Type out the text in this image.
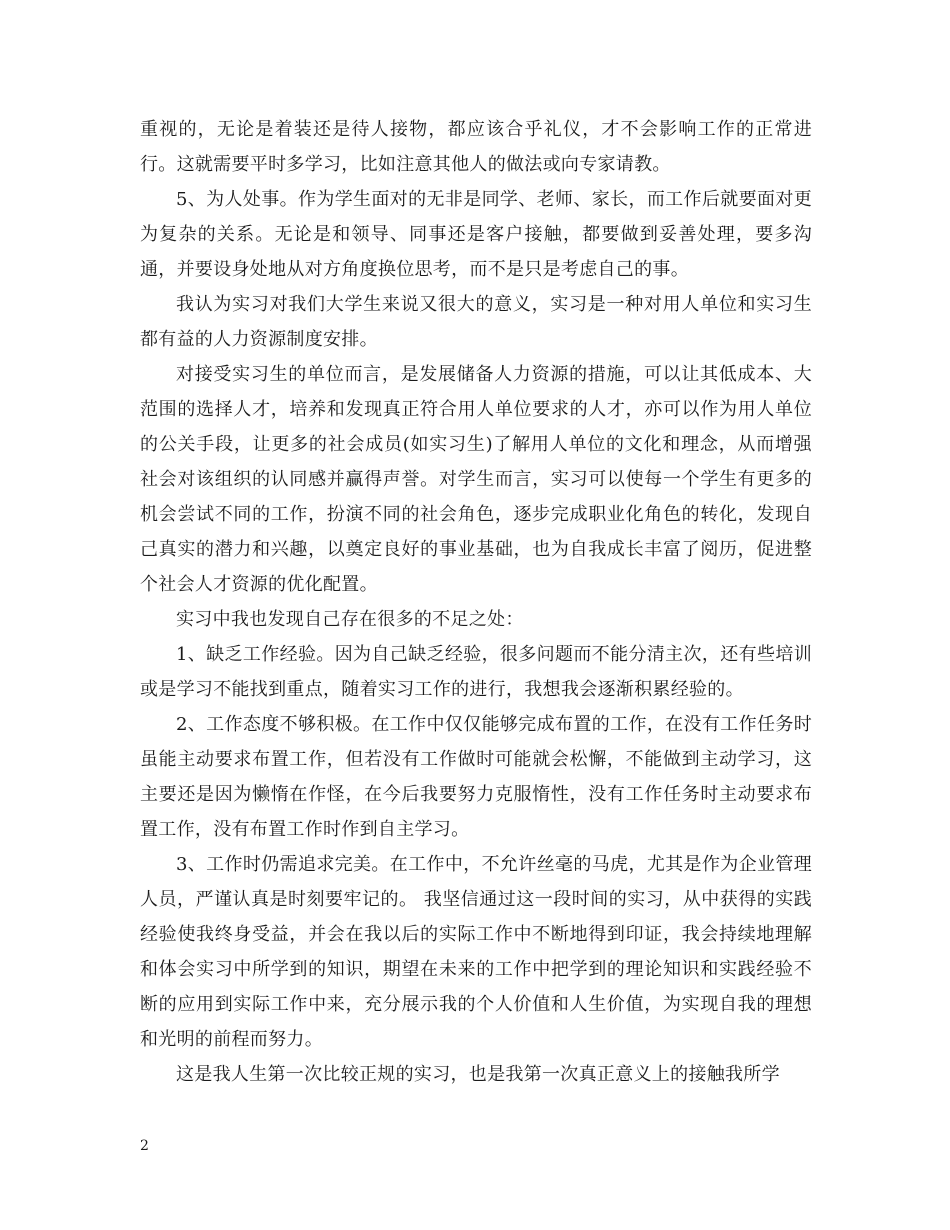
重视的，无论是着装还是待人接物，都应该合乎礼仪，才不会影响工作的正常进行。这就需要平时多学习，比如注意其他人的做法或向专家请教。

5、为人处事。作为学生面对的无非是同学、老师、家长，而工作后就要面对更为复杂的关系。无论是和领导、同事还是客户接触，都要做到妥善处理，要多沟通，并要设身处地从对方角度换位思考，而不是只是考虑自己的事。

我认为实习对我们大学生来说又很大的意义，实习是一种对用人单位和实习生都有益的人力资源制度安排。

对接受实习生的单位而言，是发展储备人力资源的措施，可以让其低成本、大范围的选择人才，培养和发现真正符合用人单位要求的人才，亦可以作为用人单位的公关手段，让更多的社会成员(如实习生)了解用人单位的文化和理念，从而增强社会对该组织的认同感并赢得声誉。对学生而言，实习可以使每一个学生有更多的机会尝试不同的工作，扮演不同的社会角色，逐步完成职业化角色的转化，发现自己真实的潜力和兴趣，以奠定良好的事业基础，也为自我成长丰富了阅历，促进整个社会人才资源的优化配置。

实习中我也发现自己存在很多的不足之处：

1、缺乏工作经验。因为自己缺乏经验，很多问题而不能分清主次，还有些培训或是学习不能找到重点，随着实习工作的进行，我想我会逐渐积累经验的。

2、工作态度不够积极。在工作中仅仅能够完成布置的工作，在没有工作任务时虽能主动要求布置工作，但若没有工作做时可能就会松懈，不能做到主动学习，这主要还是因为懒惰在作怪，在今后我要努力克服惰性，没有工作任务时主动要求布置工作，没有布置工作时作到自主学习。

3、工作时仍需追求完美。在工作中，不允许丝毫的马虎，尤其是作为企业管理人员，严谨认真是时刻要牢记的。 我坚信通过这一段时间的实习，从中获得的实践经验使我终身受益，并会在我以后的实际工作中不断地得到印证，我会持续地理解和体会实习中所学到的知识，期望在未来的工作中把学到的理论知识和实践经验不断的应用到实际工作中来，充分展示我的个人价值和人生价值，为实现自我的理想和光明的前程而努力。

这是我人生第一次比较正规的实习，也是我第一次真正意义上的接触我所学

2
